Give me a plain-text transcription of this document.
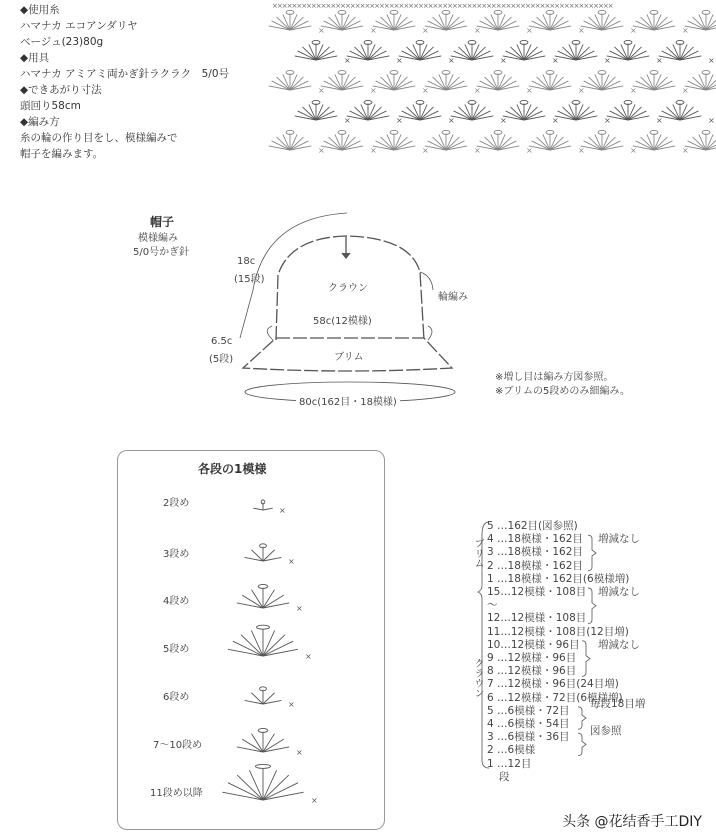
◆使用糸
ハマナカ エコアンダリヤ
ベージュ(23)80g
◆用具
ハマナカ アミアミ両かぎ針ラクラク　5/0号
◆できあがり寸法
頭回り58cm
◆編み方
糸の輪の作り目をし、模様編みで
帽子を編みます。
××××××××××××××××××××××××××××××××××××××××××××××××××××××××××××××××××××××
×	×	×	×	×	×	×	×
×	×	×	×	×	×	×	×
×	×	×	×	×	×	×	×
×	×	×	×	×	×	×	×
×	×	×	×	×	×	×	×
×
×
×
×
×
×
×
帽子
模様編み
5/0号かぎ針
18c
(15段)
6.5c
(5段)
クラウン
ブリム
輪編み
58c(12模様)
80c(162目・18模様)
※増し目は編み方図参照。
※ブリムの5段めのみ細編み。
各段の1模様
2段め
3段め
4段め
5段め
6段め
7〜10段め
11段め以降
5 …162目(図参照)
4 …18模様・162目
3 …18模様・162目
2 …18模様・162目
1 …18模様・162目(6模様増)
15…12模様・108目
〜
12…12模様・108目
11…12模様・108目(12目増)
10…12模様・96目
9 …12模様・96目
8 …12模様・96目
7 …12模様・96目(24目増)
6 …12模様・72目(6模様増)
5 …6模様・72目
4 …6模様・54目
3 …6模様・36目
2 …6模様
1 …12目
増減なし
増減なし
増減なし
毎段18目増
図参照
ブリム
クラウン
段
头条 @花结香手工DIY
